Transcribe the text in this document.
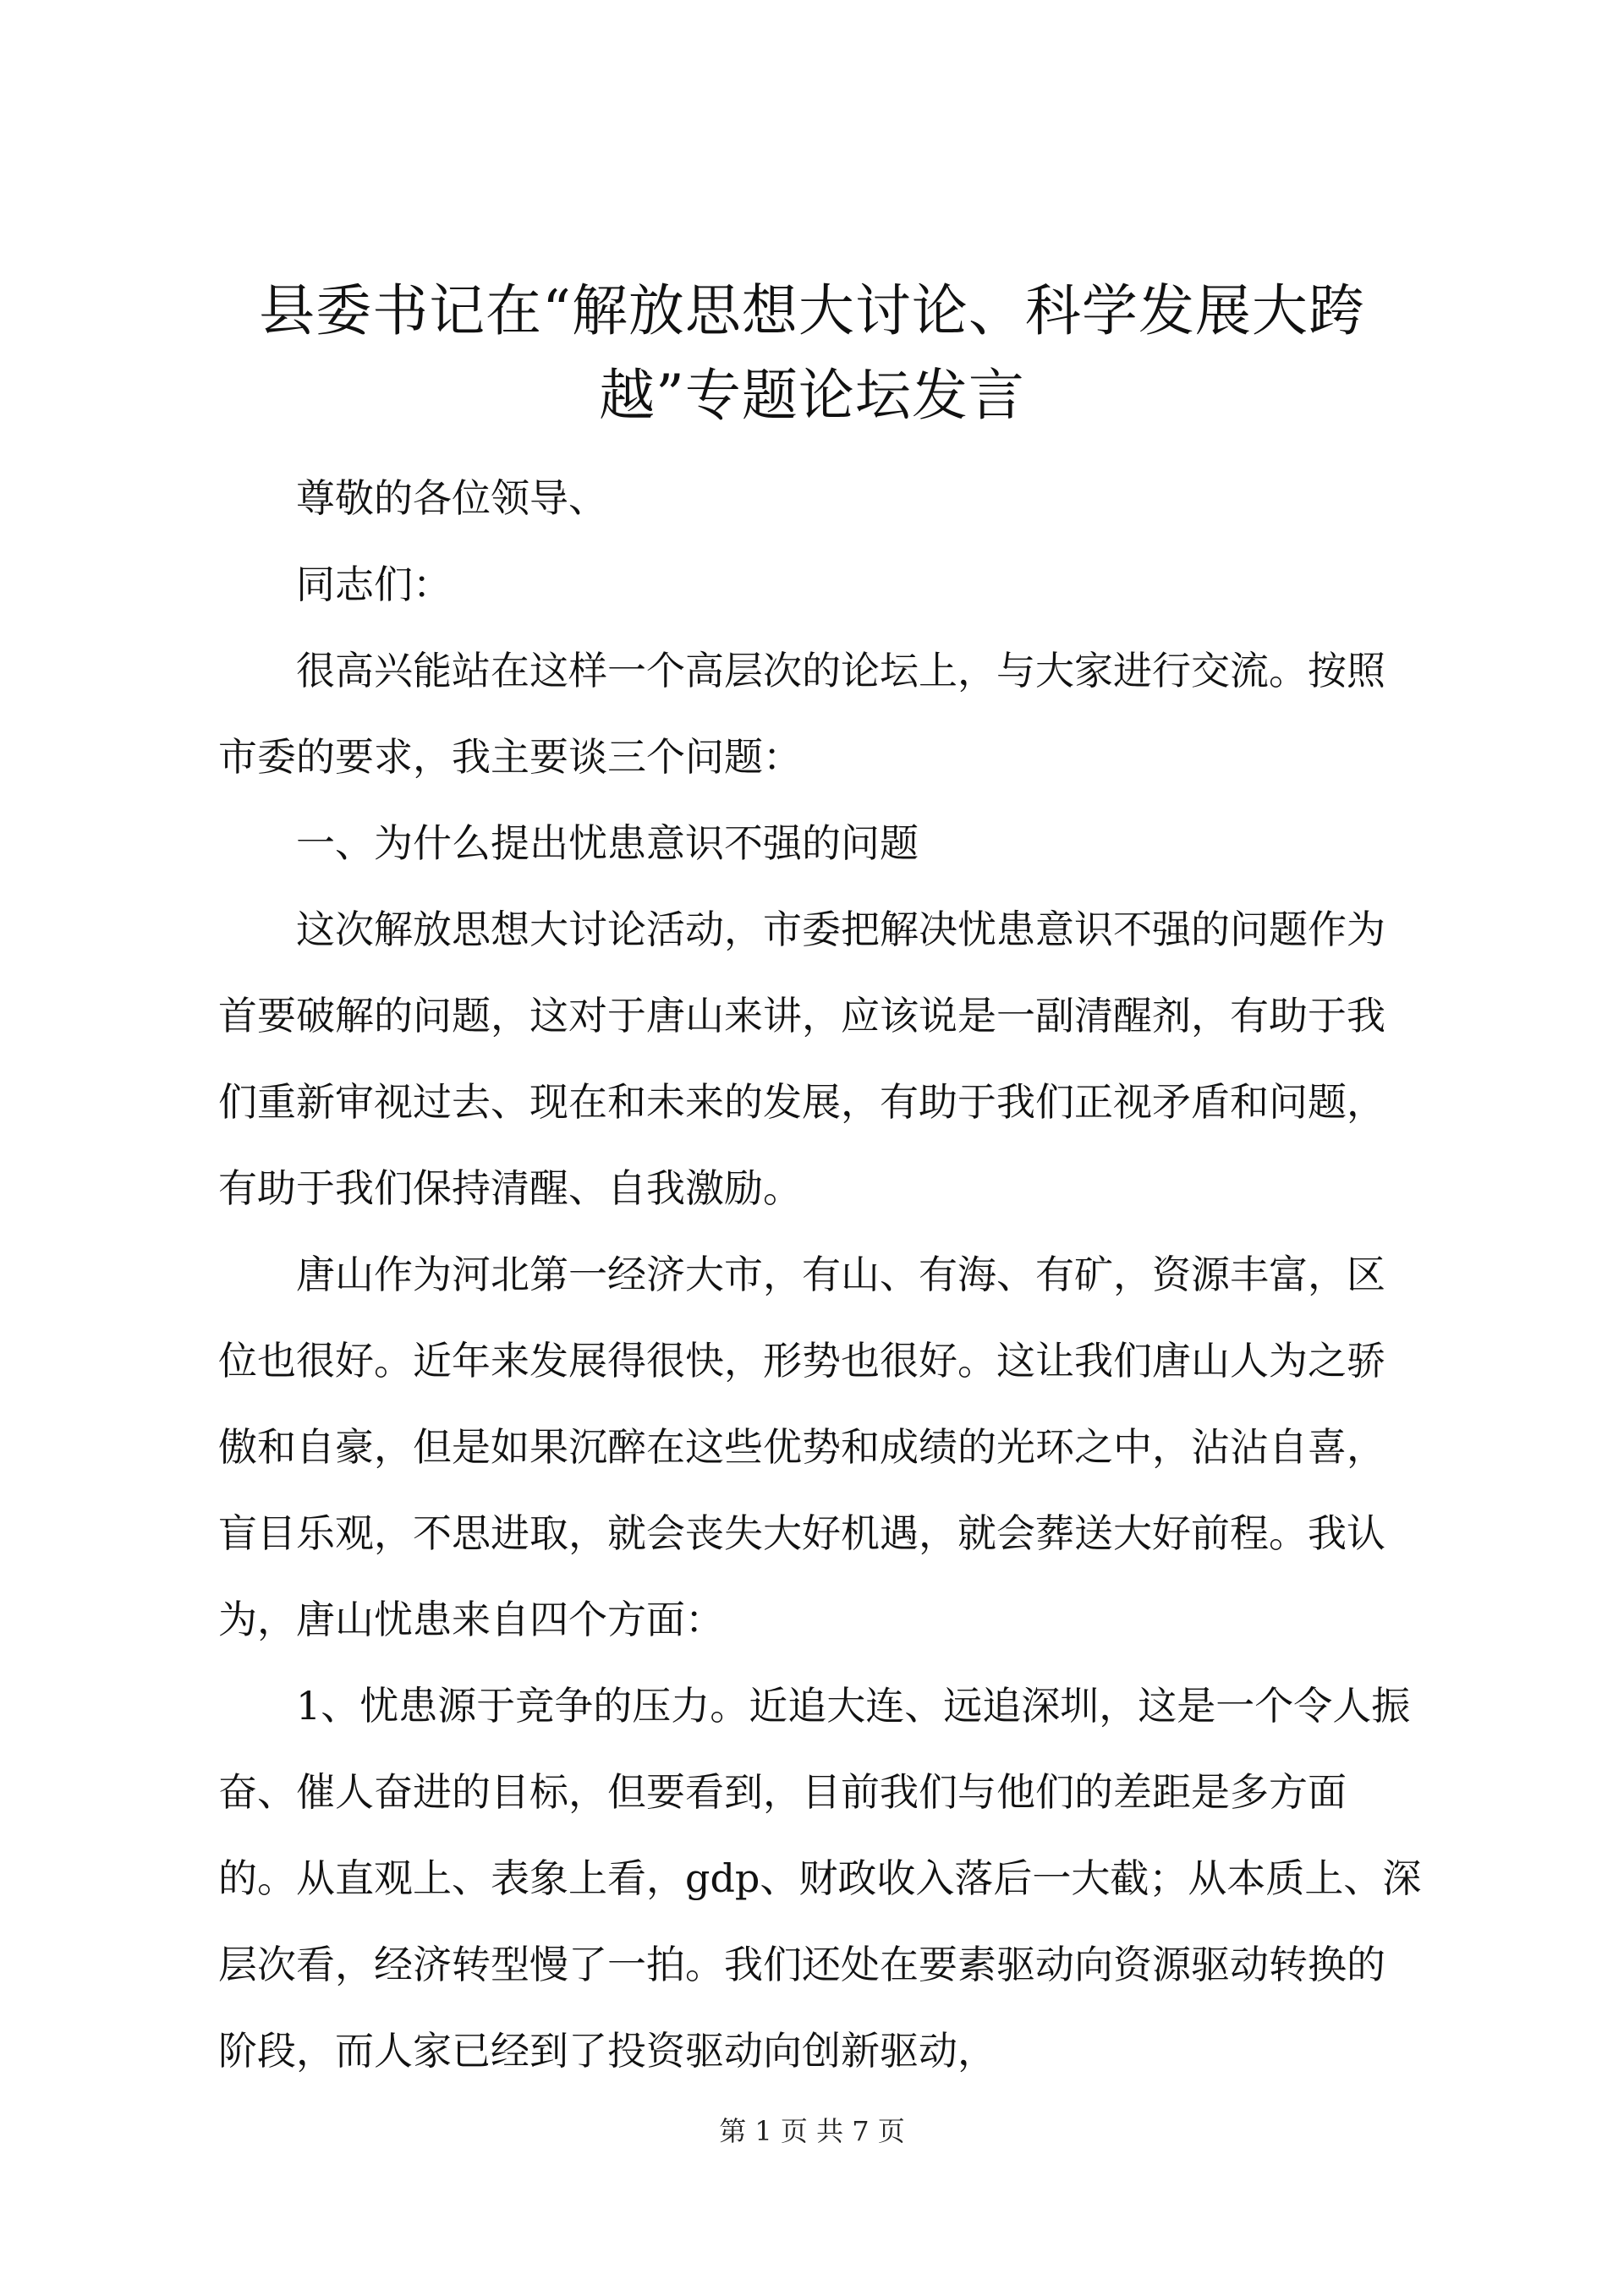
县委书记在“解放思想大讨论、科学发展大跨
越”专题论坛发言

尊敬的各位领导、

同志们：

很高兴能站在这样一个高层次的论坛上，与大家进行交流。按照市委的要求，我主要谈三个问题：

一、为什么提出忧患意识不强的问题

这次解放思想大讨论活动，市委把解决忧患意识不强的问题作为首要破解的问题，这对于唐山来讲，应该说是一副清醒剂，有助于我们重新审视过去、现在和未来的发展，有助于我们正视矛盾和问题，有助于我们保持清醒、自我激励。

唐山作为河北第一经济大市，有山、有海、有矿，资源丰富，区位也很好。近年来发展得很快，形势也很好。这让我们唐山人为之骄傲和自豪，但是如果沉醉在这些优势和成绩的光环之中，沾沾自喜，盲目乐观，不思进取，就会丧失大好机遇，就会葬送大好前程。我认为，唐山忧患来自四个方面：

1、忧患源于竞争的压力。近追大连、远追深圳，这是一个令人振奋、催人奋进的目标，但要看到，目前我们与他们的差距是多方面的。从直观上、表象上看，gdp、财政收入落后一大截；从本质上、深层次看，经济转型慢了一拍。我们还处在要素驱动向资源驱动转换的阶段，而人家已经到了投资驱动向创新驱动，

第 1 页 共 7 页
